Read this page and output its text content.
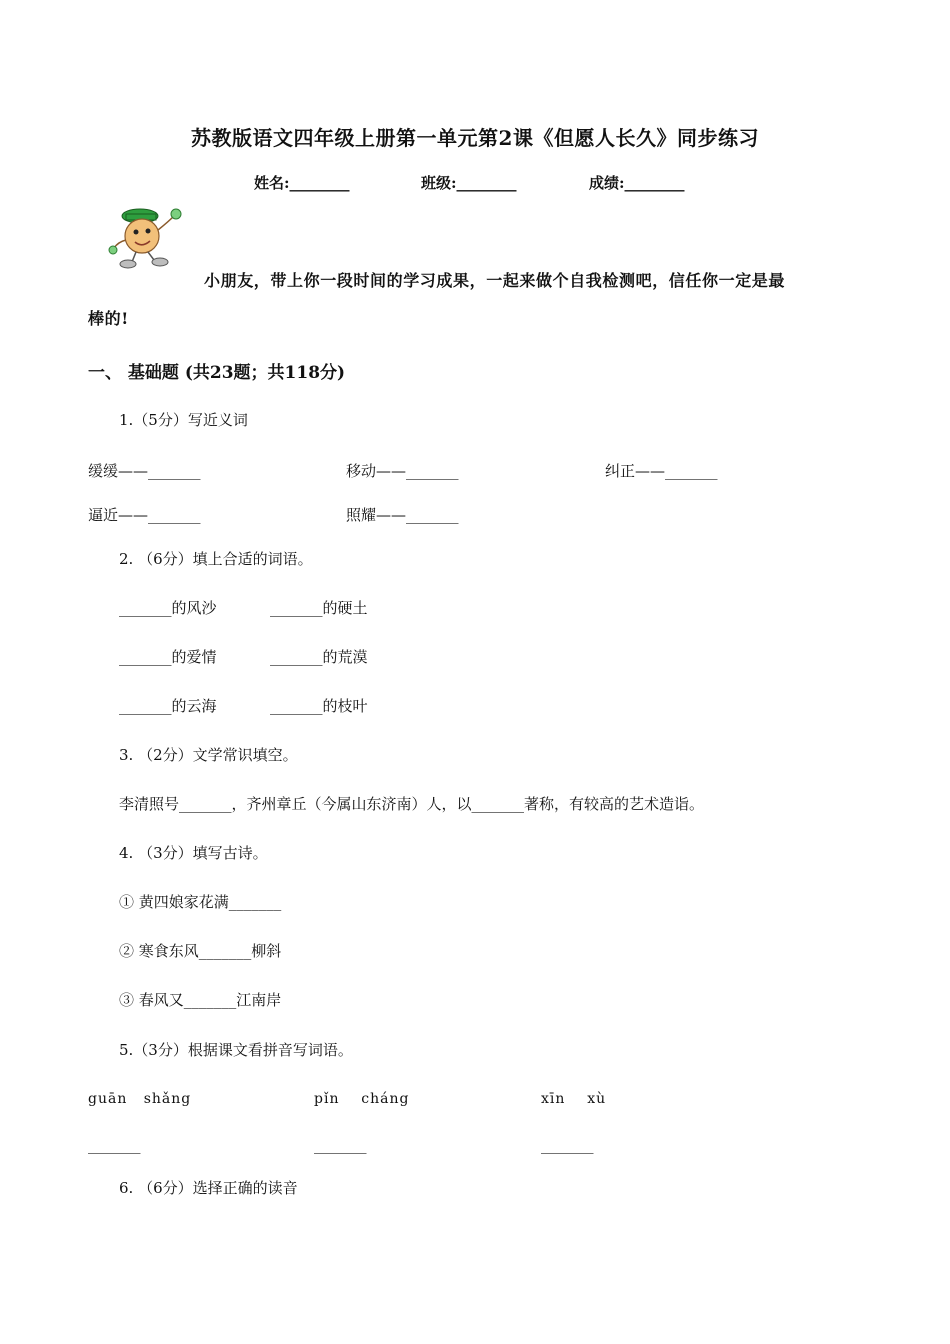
苏教版语文四年级上册第一单元第2课《但愿人长久》同步练习
姓名:________	班级:________	成绩:________
小朋友，带上你一段时间的学习成果，一起来做个自我检测吧，信任你一定是最
棒的!
一、 基础题 (共23题；共118分)
1.（5分）写近义词
缓缓——_______	移动——_______	纠正——_______
逼近——_______	照耀——_______
2. （6分）填上合适的词语。
_______的风沙	_______的硬土
_______的爱情	_______的荒漠
_______的云海	_______的枝叶
3. （2分）文学常识填空。
李清照号_______，齐州章丘（今属山东济南）人，以_______著称，有较高的艺术造诣。
4. （3分）填写古诗。
① 黄四娘家花满_______
② 寒食东风_______柳斜
③ 春风又_______江南岸
5.（3分）根据课文看拼音写词语。
guān   shǎng	pǐn    cháng	xīn    xù
_______	_______	_______
6. （6分）选择正确的读音
